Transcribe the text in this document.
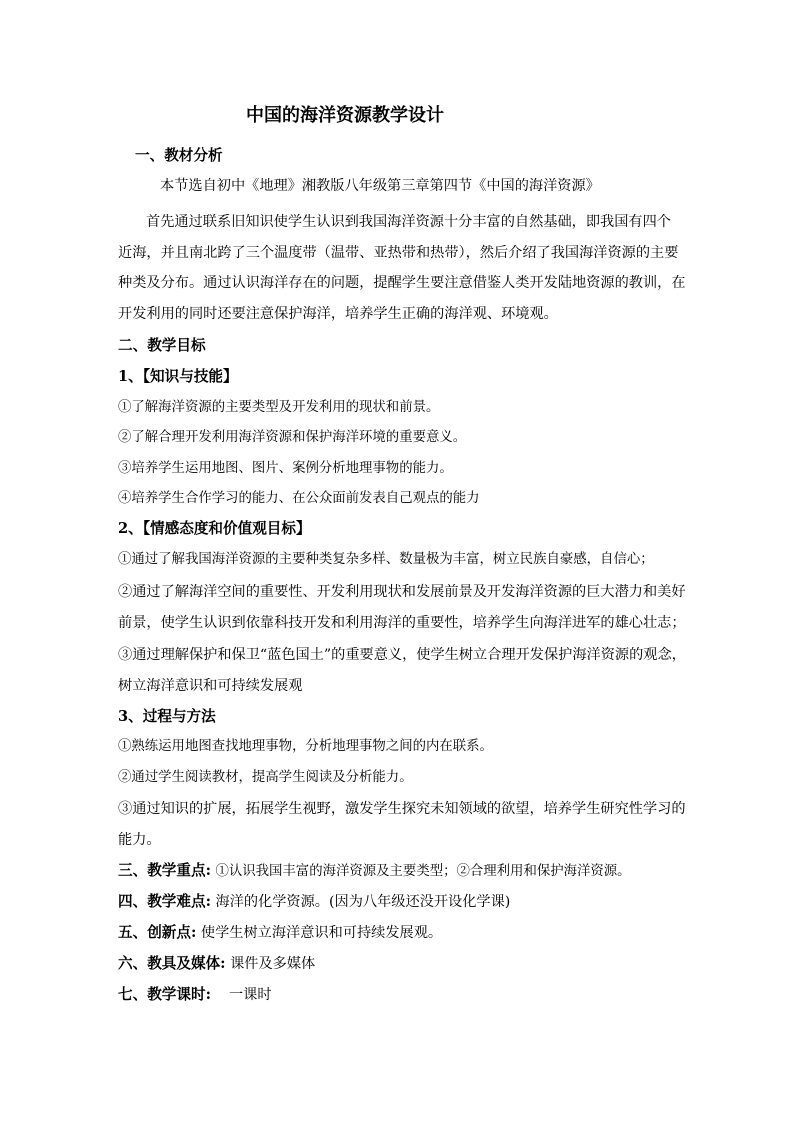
中国的海洋资源教学设计
一、教材分析
本节选自初中《地理》湘教版八年级第三章第四节《中国的海洋资源》
首先通过联系旧知识使学生认识到我国海洋资源十分丰富的自然基础，即我国有四个
近海，并且南北跨了三个温度带（温带、亚热带和热带），然后介绍了我国海洋资源的主要
种类及分布。通过认识海洋存在的问题，提醒学生要注意借鉴人类开发陆地资源的教训，在
开发利用的同时还要注意保护海洋，培养学生正确的海洋观、环境观。
二、教学目标
1、【知识与技能】
①了解海洋资源的主要类型及开发利用的现状和前景。
②了解合理开发利用海洋资源和保护海洋环境的重要意义。
③培养学生运用地图、图片、案例分析地理事物的能力。
④培养学生合作学习的能力、在公众面前发表自己观点的能力
2、【情感态度和价值观目标】
①通过了解我国海洋资源的主要种类复杂多样、数量极为丰富，树立民族自豪感，自信心；
②通过了解海洋空间的重要性、开发利用现状和发展前景及开发海洋资源的巨大潜力和美好
前景，使学生认识到依靠科技开发和利用海洋的重要性，培养学生向海洋进军的雄心壮志；
③通过理解保护和保卫“蓝色国土”的重要意义，使学生树立合理开发保护海洋资源的观念，
树立海洋意识和可持续发展观
3、过程与方法
①熟练运用地图查找地理事物，分析地理事物之间的内在联系。
②通过学生阅读教材，提高学生阅读及分析能力。
③通过知识的扩展，拓展学生视野，激发学生探究未知领域的欲望，培养学生研究性学习的
能力。
三、教学重点: ①认识我国丰富的海洋资源及主要类型；②合理利用和保护海洋资源。
四、教学难点: 海洋的化学资源。(因为八年级还没开设化学课)
五、创新点: 使学生树立海洋意识和可持续发展观。
六、教具及媒体: 课件及多媒体
七、教学课时:    一课时
